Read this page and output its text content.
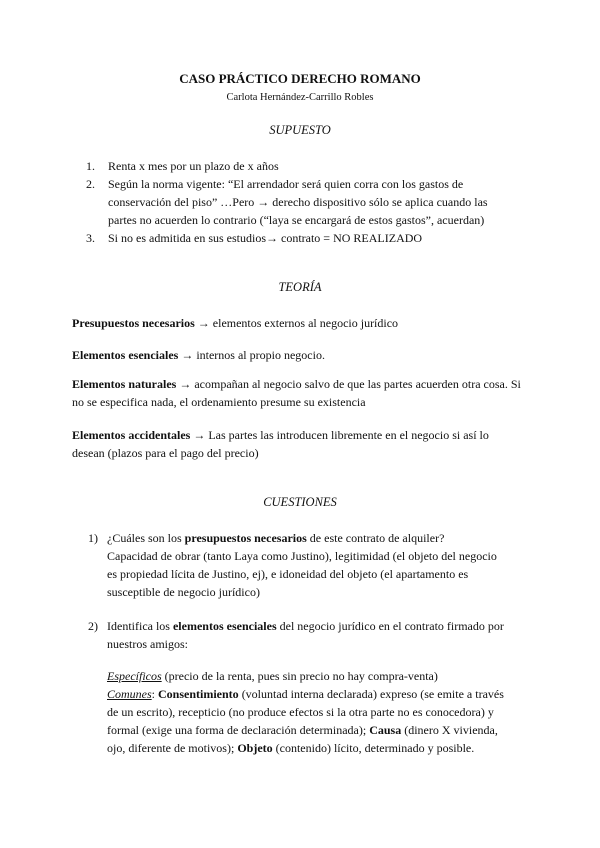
CASO PRÁCTICO DERECHO ROMANO
Carlota Hernández-Carrillo Robles
SUPUESTO
1. Renta x mes por un plazo de x años
2. Según la norma vigente: “El arrendador será quien corra con los gastos de conservación del piso” …Pero → derecho dispositivo sólo se aplica cuando las partes no acuerden lo contrario (“laya se encargará de estos gastos”, acuerdan)
3. Si no es admitida en sus estudios→ contrato = NO REALIZADO
TEORÍA
Presupuestos necesarios → elementos externos al negocio jurídico
Elementos esenciales → internos al propio negocio.
Elementos naturales → acompañan al negocio salvo de que las partes acuerden otra cosa. Si no se especifica nada, el ordenamiento presume su existencia
Elementos accidentales → Las partes las introducen libremente en el negocio si así lo desean (plazos para el pago del precio)
CUESTIONES
1) ¿Cuáles son los presupuestos necesarios de este contrato de alquiler?
Capacidad de obrar (tanto Laya como Justino), legitimidad (el objeto del negocio es propiedad lícita de Justino, ej), e idoneidad del objeto (el apartamento es susceptible de negocio jurídico)
2) Identifica los elementos esenciales del negocio jurídico en el contrato firmado por nuestros amigos:
Específicos (precio de la renta, pues sin precio no hay compra-venta)
Comunes: Consentimiento (voluntad interna declarada) expreso (se emite a través de un escrito), recepticio (no produce efectos si la otra parte no es conocedora) y formal (exige una forma de declaración determinada); Causa (dinero X vivienda, ojo, diferente de motivos); Objeto (contenido) lícito, determinado y posible.
